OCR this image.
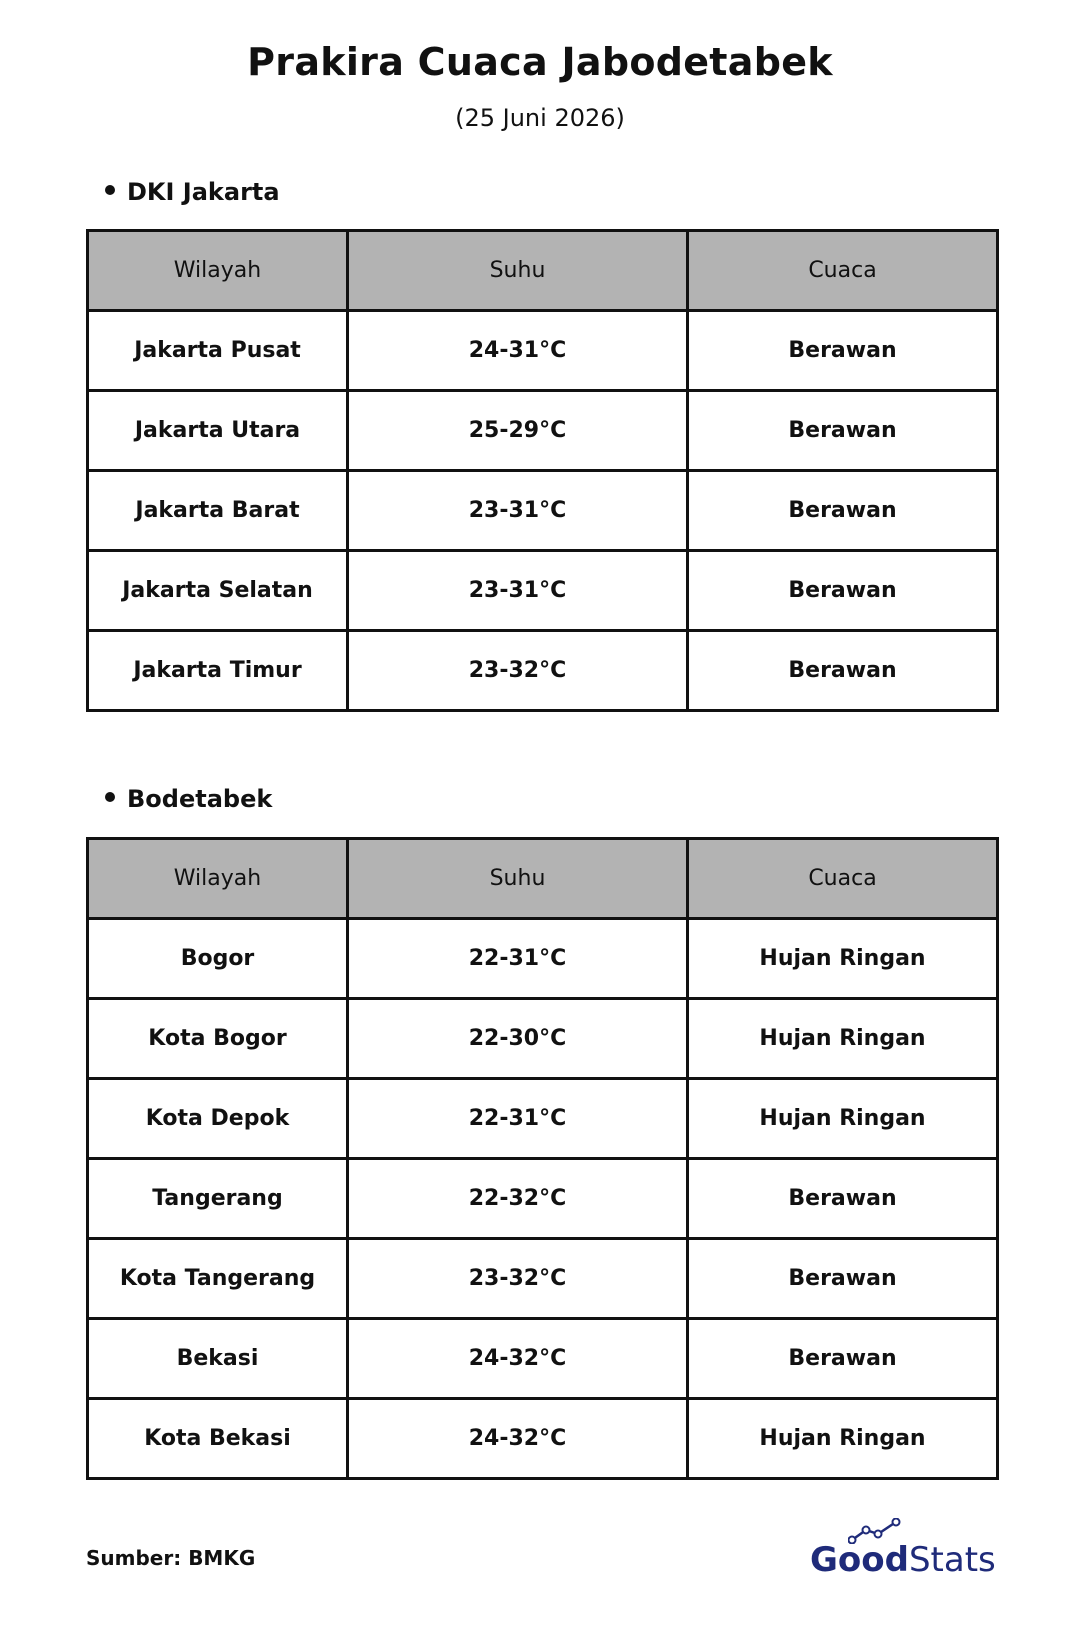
Prakira Cuaca Jabodetabek
(25 Juni 2026)
DKI Jakarta
Wilayah	Suhu	Cuaca
Jakarta Pusat	24-31°C	Berawan
Jakarta Utara	25-29°C	Berawan
Jakarta Barat	23-31°C	Berawan
Jakarta Selatan	23-31°C	Berawan
Jakarta Timur	23-32°C	Berawan
Bodetabek
Wilayah	Suhu	Cuaca
Bogor	22-31°C	Hujan Ringan
Kota Bogor	22-30°C	Hujan Ringan
Kota Depok	22-31°C	Hujan Ringan
Tangerang	22-32°C	Berawan
Kota Tangerang	23-32°C	Berawan
Bekasi	24-32°C	Berawan
Kota Bekasi	24-32°C	Hujan Ringan
Sumber: BMKG	GoodStats
